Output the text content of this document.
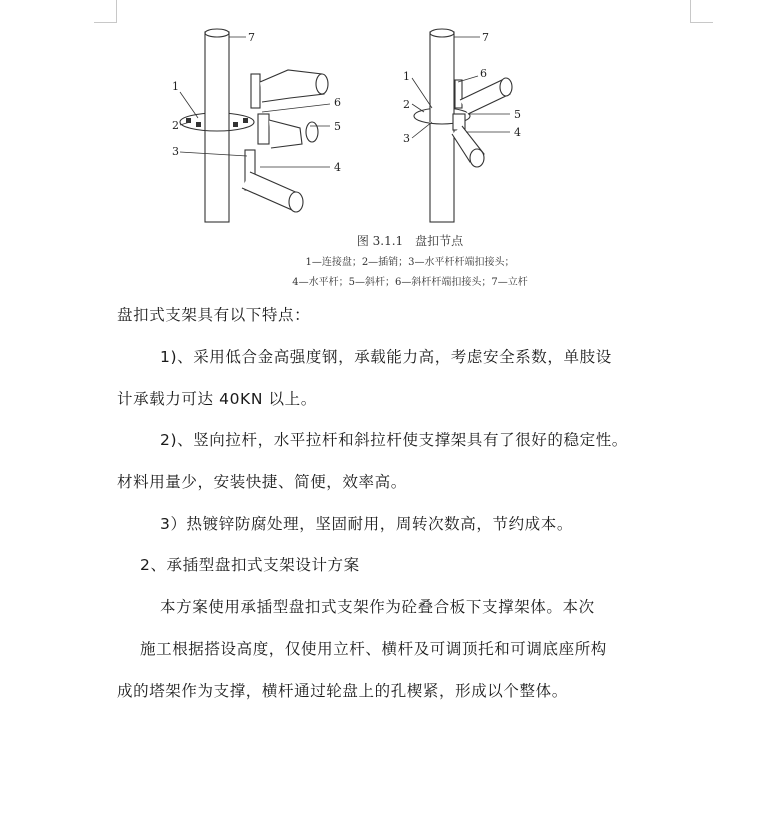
7
1
2
3
6
5
4
7
1	6
2
3
5
4
图 3.1.1　盘扣节点
1—连接盘；2—插销；3—水平杆杆端扣接头；
4—水平杆；5—斜杆；6—斜杆杆端扣接头；7—立杆
盘扣式支架具有以下特点：
1)、采用低合金高强度钢，承载能力高，考虑安全系数，单肢设
计承载力可达 40KN 以上。
2)、竖向拉杆，水平拉杆和斜拉杆使支撑架具有了很好的稳定性。
材料用量少，安装快捷、简便，效率高。
3）热镀锌防腐处理，坚固耐用，周转次数高，节约成本。
2、承插型盘扣式支架设计方案
本方案使用承插型盘扣式支架作为砼叠合板下支撑架体。本次
施工根据搭设高度，仅使用立杆、横杆及可调顶托和可调底座所构
成的塔架作为支撑，横杆通过轮盘上的孔楔紧，形成以个整体。
